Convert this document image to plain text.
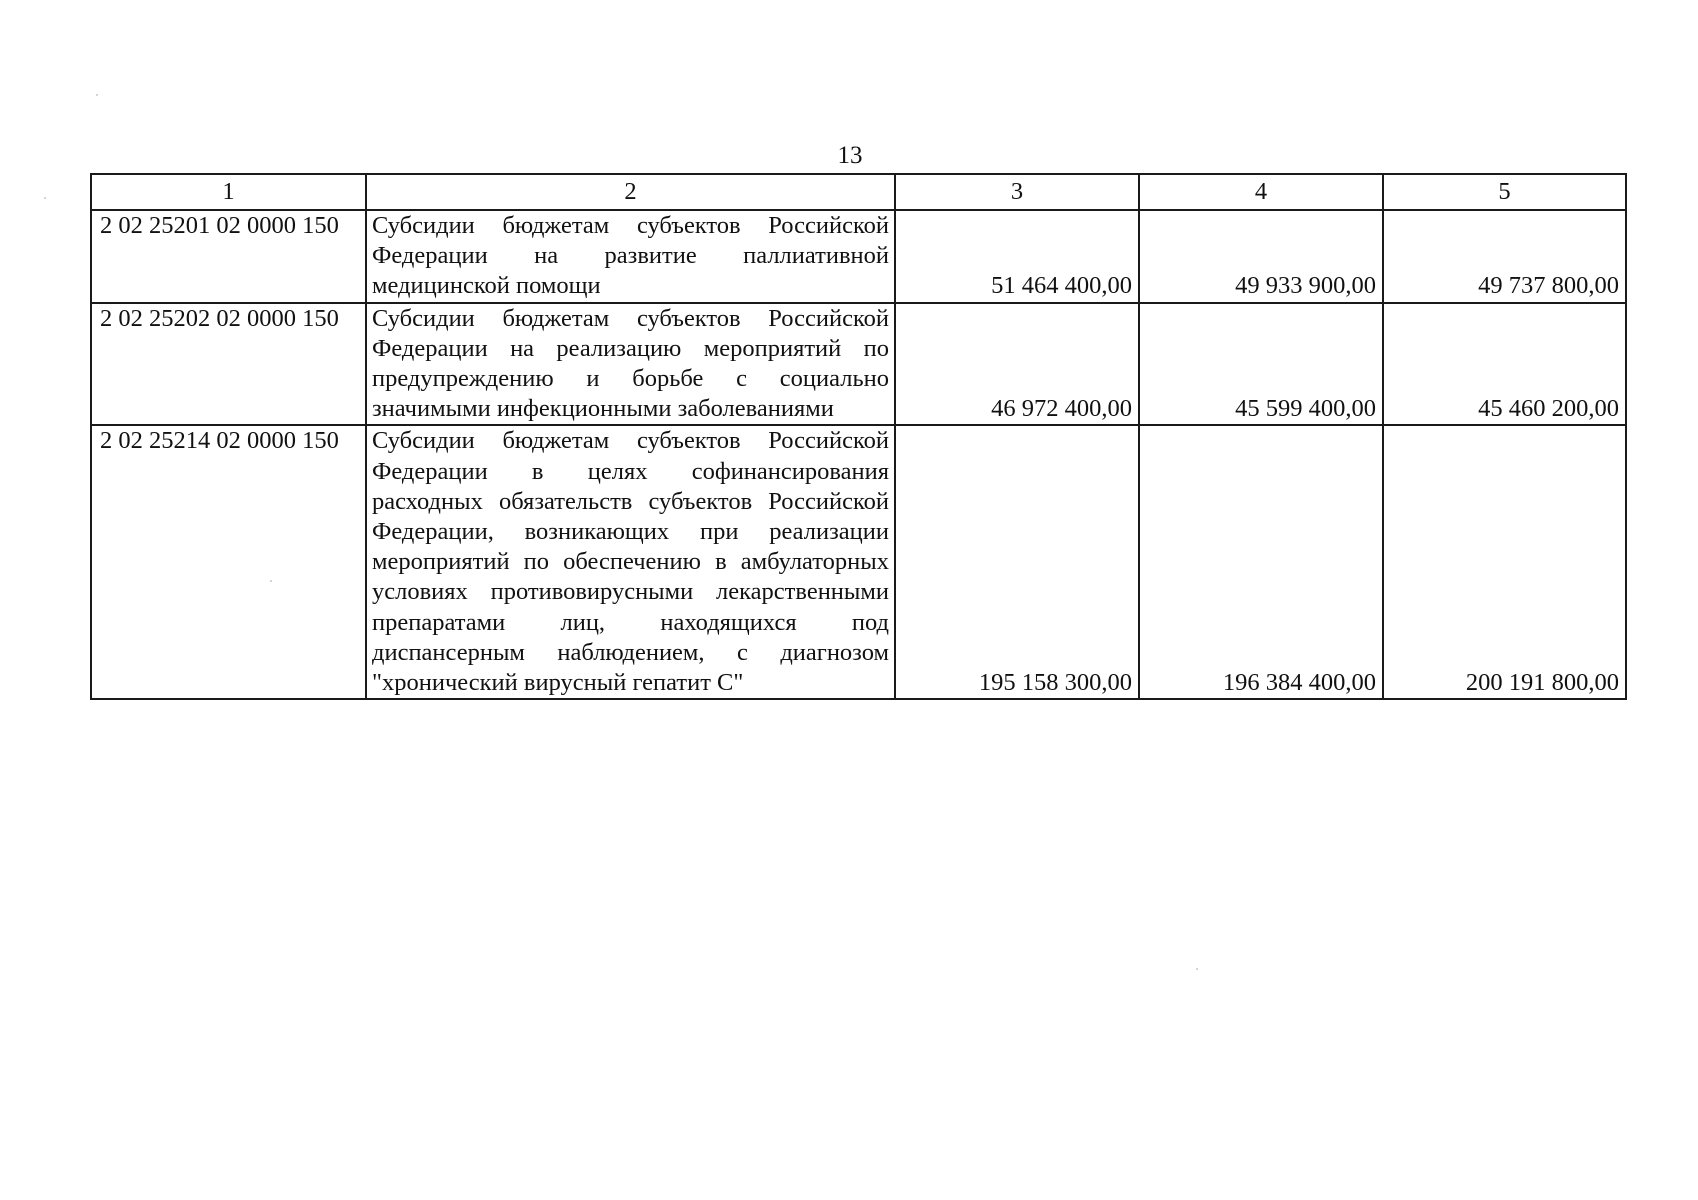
13
1	2	3	4	5
2 02 25201 02 0000 150	Субсидии бюджетам субъектов Российской Федерации на развитие паллиативной медицинской помощи	51 464 400,00	49 933 900,00	49 737 800,00
2 02 25202 02 0000 150	Субсидии бюджетам субъектов Российской Федерации на реализацию мероприятий по предупреждению и борьбе с социально значимыми инфекционными заболеваниями	46 972 400,00	45 599 400,00	45 460 200,00
2 02 25214 02 0000 150	Субсидии бюджетам субъектов Российской Федерации в целях софинансирования расходных обязательств субъектов Российской Федерации, возникающих при реализации мероприятий по обеспечению в амбулаторных условиях противовирусными лекарственными препаратами лиц, находящихся под диспансерным наблюдением, с диагнозом "хронический вирусный гепатит С"	195 158 300,00	196 384 400,00	200 191 800,00
